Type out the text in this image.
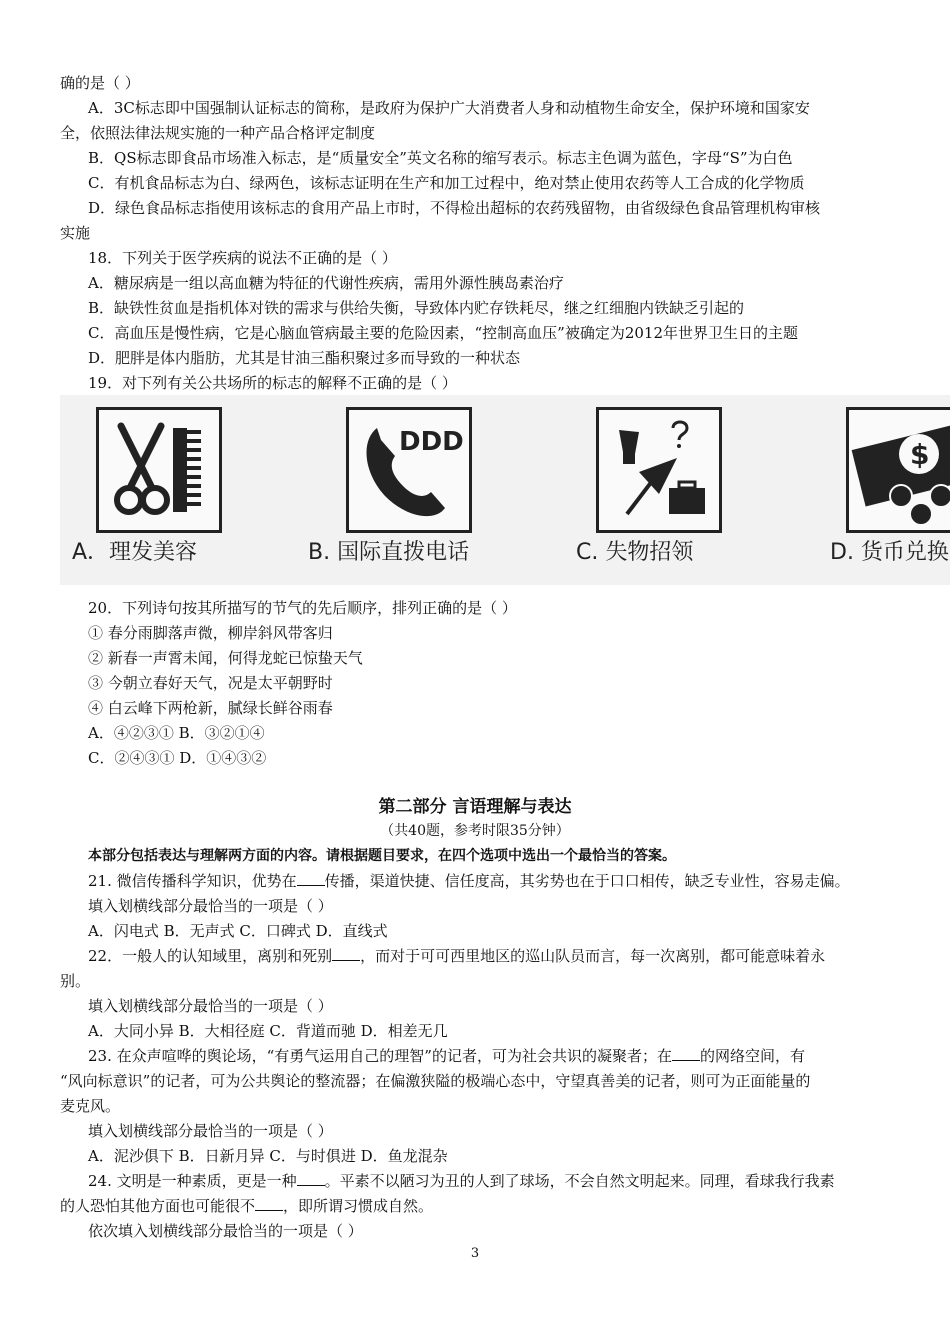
确的是（ ）
A．3C标志即中国强制认证标志的简称，是政府为保护广大消费者人身和动植物生命安全，保护环境和国家安
全，依照法律法规实施的一种产品合格评定制度
B．QS标志即食品市场准入标志，是“质量安全”英文名称的缩写表示。标志主色调为蓝色，字母“S”为白色
C．有机食品标志为白、绿两色，该标志证明在生产和加工过程中，绝对禁止使用农药等人工合成的化学物质
D．绿色食品标志指使用该标志的食用产品上市时，不得检出超标的农药残留物，由省级绿色食品管理机构审核
实施
18．下列关于医学疾病的说法不正确的是（ ）
A．糖尿病是一组以高血糖为特征的代谢性疾病，需用外源性胰岛素治疗
B．缺铁性贫血是指机体对铁的需求与供给失衡，导致体内贮存铁耗尽，继之红细胞内铁缺乏引起的
C．高血压是慢性病，它是心脑血管病最主要的危险因素，“控制高血压”被确定为2012年世界卫生日的主题
D．肥胖是体内脂肪，尤其是甘油三酯积聚过多而导致的一种状态
19．对下列有关公共场所的标志的解释不正确的是（ ）
DDD	$
A．理发美容	B. 国际直拨电话	C. 失物招领	D. 货币兑换
20．下列诗句按其所描写的节气的先后顺序，排列正确的是（ ）
① 春分雨脚落声微，柳岸斜风带客归
② 新春一声霄未闻，何得龙蛇已惊蛰天气
③ 今朝立春好天气，况是太平朝野时
④ 白云峰下两枪新，腻绿长鲜谷雨春
A．④②③① B．③②①④
C．②④③① D．①④③②
第二部分 言语理解与表达
（共40题，参考时限35分钟）
本部分包括表达与理解两方面的内容。请根据题目要求，在四个选项中选出一个最恰当的答案。
21. 微信传播科学知识，优势在 传播，渠道快捷、信任度高，其劣势也在于口口相传，缺乏专业性，容易走偏。
填入划横线部分最恰当的一项是（ ）
A．闪电式 B．无声式 C．口碑式 D．直线式
22．一般人的认知域里，离别和死别 ，而对于可可西里地区的巡山队员而言，每一次离别，都可能意味着永
别。
填入划横线部分最恰当的一项是（ ）
A．大同小异 B．大相径庭 C．背道而驰 D．相差无几
23. 在众声喧哗的舆论场，“有勇气运用自己的理智”的记者，可为社会共识的凝聚者；在 的网络空间，有
“风向标意识”的记者，可为公共舆论的整流器；在偏激狭隘的极端心态中，守望真善美的记者，则可为正面能量的
麦克风。
填入划横线部分最恰当的一项是（ ）
A．泥沙俱下 B．日新月异 C．与时俱进 D．鱼龙混杂
24. 文明是一种素质，更是一种 。平素不以陋习为丑的人到了球场，不会自然文明起来。同理，看球我行我素
的人恐怕其他方面也可能很不 ，即所谓习惯成自然。
依次填入划横线部分最恰当的一项是（ ）
3
